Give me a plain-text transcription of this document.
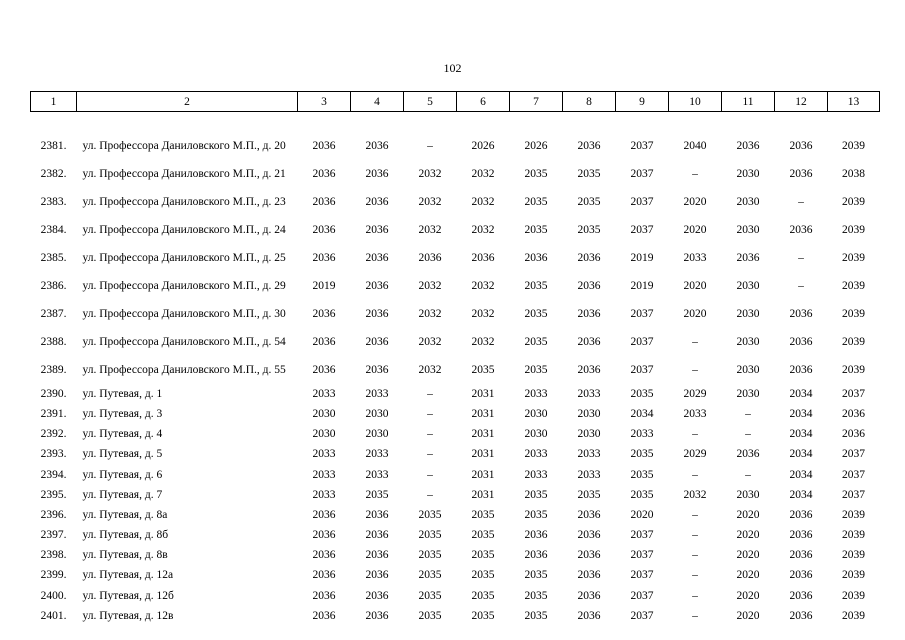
102
1	2	3	4	5	6	7	8	9	10	11	12	13

2381.	ул. Профессора Даниловского М.П., д. 20	2036	2036	–	2026	2026	2036	2037	2040	2036	2036	2039
2382.	ул. Профессора Даниловского М.П., д. 21	2036	2036	2032	2032	2035	2035	2037	–	2030	2036	2038
2383.	ул. Профессора Даниловского М.П., д. 23	2036	2036	2032	2032	2035	2035	2037	2020	2030	–	2039
2384.	ул. Профессора Даниловского М.П., д. 24	2036	2036	2032	2032	2035	2035	2037	2020	2030	2036	2039
2385.	ул. Профессора Даниловского М.П., д. 25	2036	2036	2036	2036	2036	2036	2019	2033	2036	–	2039
2386.	ул. Профессора Даниловского М.П., д. 29	2019	2036	2032	2032	2035	2036	2019	2020	2030	–	2039
2387.	ул. Профессора Даниловского М.П., д. 30	2036	2036	2032	2032	2035	2036	2037	2020	2030	2036	2039
2388.	ул. Профессора Даниловского М.П., д. 54	2036	2036	2032	2032	2035	2036	2037	–	2030	2036	2039
2389.	ул. Профессора Даниловского М.П., д. 55	2036	2036	2032	2035	2035	2036	2037	–	2030	2036	2039
2390.	ул. Путевая, д. 1	2033	2033	–	2031	2033	2033	2035	2029	2030	2034	2037
2391.	ул. Путевая, д. 3	2030	2030	–	2031	2030	2030	2034	2033	–	2034	2036
2392.	ул. Путевая, д. 4	2030	2030	–	2031	2030	2030	2033	–	–	2034	2036
2393.	ул. Путевая, д. 5	2033	2033	–	2031	2033	2033	2035	2029	2036	2034	2037
2394.	ул. Путевая, д. 6	2033	2033	–	2031	2033	2033	2035	–	–	2034	2037
2395.	ул. Путевая, д. 7	2033	2035	–	2031	2035	2035	2035	2032	2030	2034	2037
2396.	ул. Путевая, д. 8а	2036	2036	2035	2035	2035	2036	2020	–	2020	2036	2039
2397.	ул. Путевая, д. 8б	2036	2036	2035	2035	2036	2036	2037	–	2020	2036	2039
2398.	ул. Путевая, д. 8в	2036	2036	2035	2035	2036	2036	2037	–	2020	2036	2039
2399.	ул. Путевая, д. 12а	2036	2036	2035	2035	2035	2036	2037	–	2020	2036	2039
2400.	ул. Путевая, д. 12б	2036	2036	2035	2035	2035	2036	2037	–	2020	2036	2039
2401.	ул. Путевая, д. 12в	2036	2036	2035	2035	2035	2036	2037	–	2020	2036	2039
